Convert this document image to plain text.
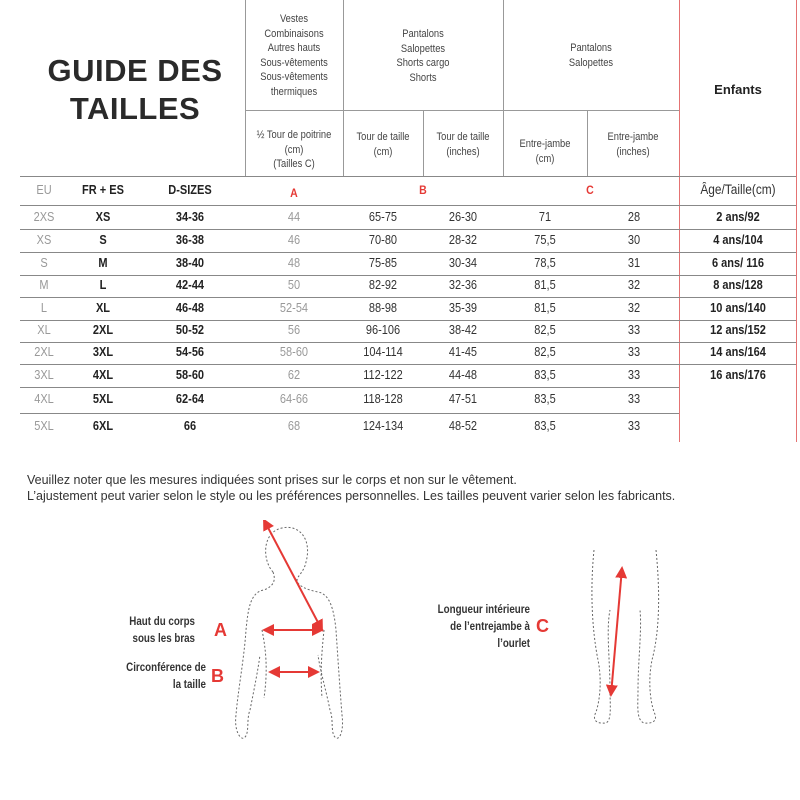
GUIDE DES
TAILLES
Vestes
Combinaisons
Autres hauts
Sous-vêtements
Sous-vêtements
thermiques
Pantalons
Salopettes
Shorts cargo
Shorts
Pantalons
Salopettes
Enfants
½ Tour de poitrine
(cm)
(Tailles C)
Tour de taille
(cm)
Tour de taille
(inches)
Entre-jambe (cm)
Entre-jambe
(inches)
EU	FR + ES	D-SIZES	A	B	C	Âge/Taille(cm)
2XS	XS	34-36	44	65-75	26-30	71	28	2 ans/92
XS	S	36-38	46	70-80	28-32	75,5	30	4 ans/104
S	M	38-40	48	75-85	30-34	78,5	31	6 ans/ 116
M	L	42-44	50	82-92	32-36	81,5	32	8 ans/128
L	XL	46-48	52-54	88-98	35-39	81,5	32	10 ans/140
XL	2XL	50-52	56	96-106	38-42	82,5	33	12 ans/152
2XL	3XL	54-56	58-60	104-114	41-45	82,5	33	14 ans/164
3XL	4XL	58-60	62	112-122	44-48	83,5	33	16 ans/176
4XL	5XL	62-64	64-66	118-128	47-51	83,5	33
5XL	6XL	66	68	124-134	48-52	83,5	33
Veuillez noter que les mesures indiquées sont prises sur le corps et non sur le vêtement.
L’ajustement peut varier selon le style ou les préférences personnelles. Les tailles peuvent varier selon les fabricants.
Haut du corps
sous les bras A
Circonférence de
la taille B
Longueur intérieure
de l’entrejambe à
l’ourlet
C
